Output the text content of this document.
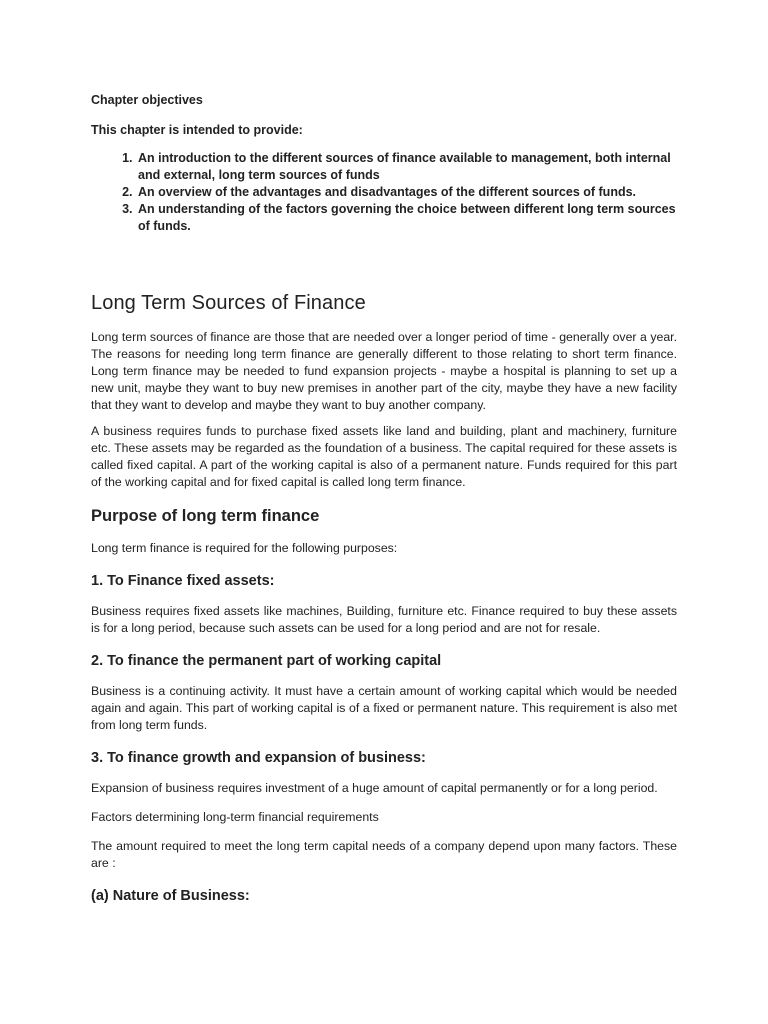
Chapter objectives

This chapter is intended to provide:

1. An introduction to the different sources of finance available to management, both internal and external, long term sources of funds
2. An overview of the advantages and disadvantages of the different sources of funds.
3. An understanding of the factors governing the choice between different long term sources of funds.
Long Term Sources of Finance

Long term sources of finance are those that are needed over a longer period of time - generally over a year. The reasons for needing long term finance are generally different to those relating to short term finance. Long term finance may be needed to fund expansion projects - maybe a hospital is planning to set up a new unit, maybe they want to buy new premises in another part of the city, maybe they have a new facility that they want to develop and maybe they want to buy another company.

A business requires funds to purchase fixed assets like land and building, plant and machinery, furniture etc. These assets may be regarded as the foundation of a business. The capital required for these assets is called fixed capital. A part of the working capital is also of a permanent nature. Funds required for this part of the working capital and for fixed capital is called long term finance.

Purpose of long term finance

Long term finance is required for the following purposes:

1. To Finance fixed assets:

Business requires fixed assets like machines, Building, furniture etc. Finance required to buy these assets is for a long period, because such assets can be used for a long period and are not for resale.

2. To finance the permanent part of working capital

Business is a continuing activity. It must have a certain amount of working capital which would be needed again and again. This part of working capital is of a fixed or permanent nature. This requirement is also met from long term funds.

3. To finance growth and expansion of business:

Expansion of business requires investment of a huge amount of capital permanently or for a long period.

Factors determining long-term financial requirements

The amount required to meet the long term capital needs of a company depend upon many factors. These are :

(a) Nature of Business:
